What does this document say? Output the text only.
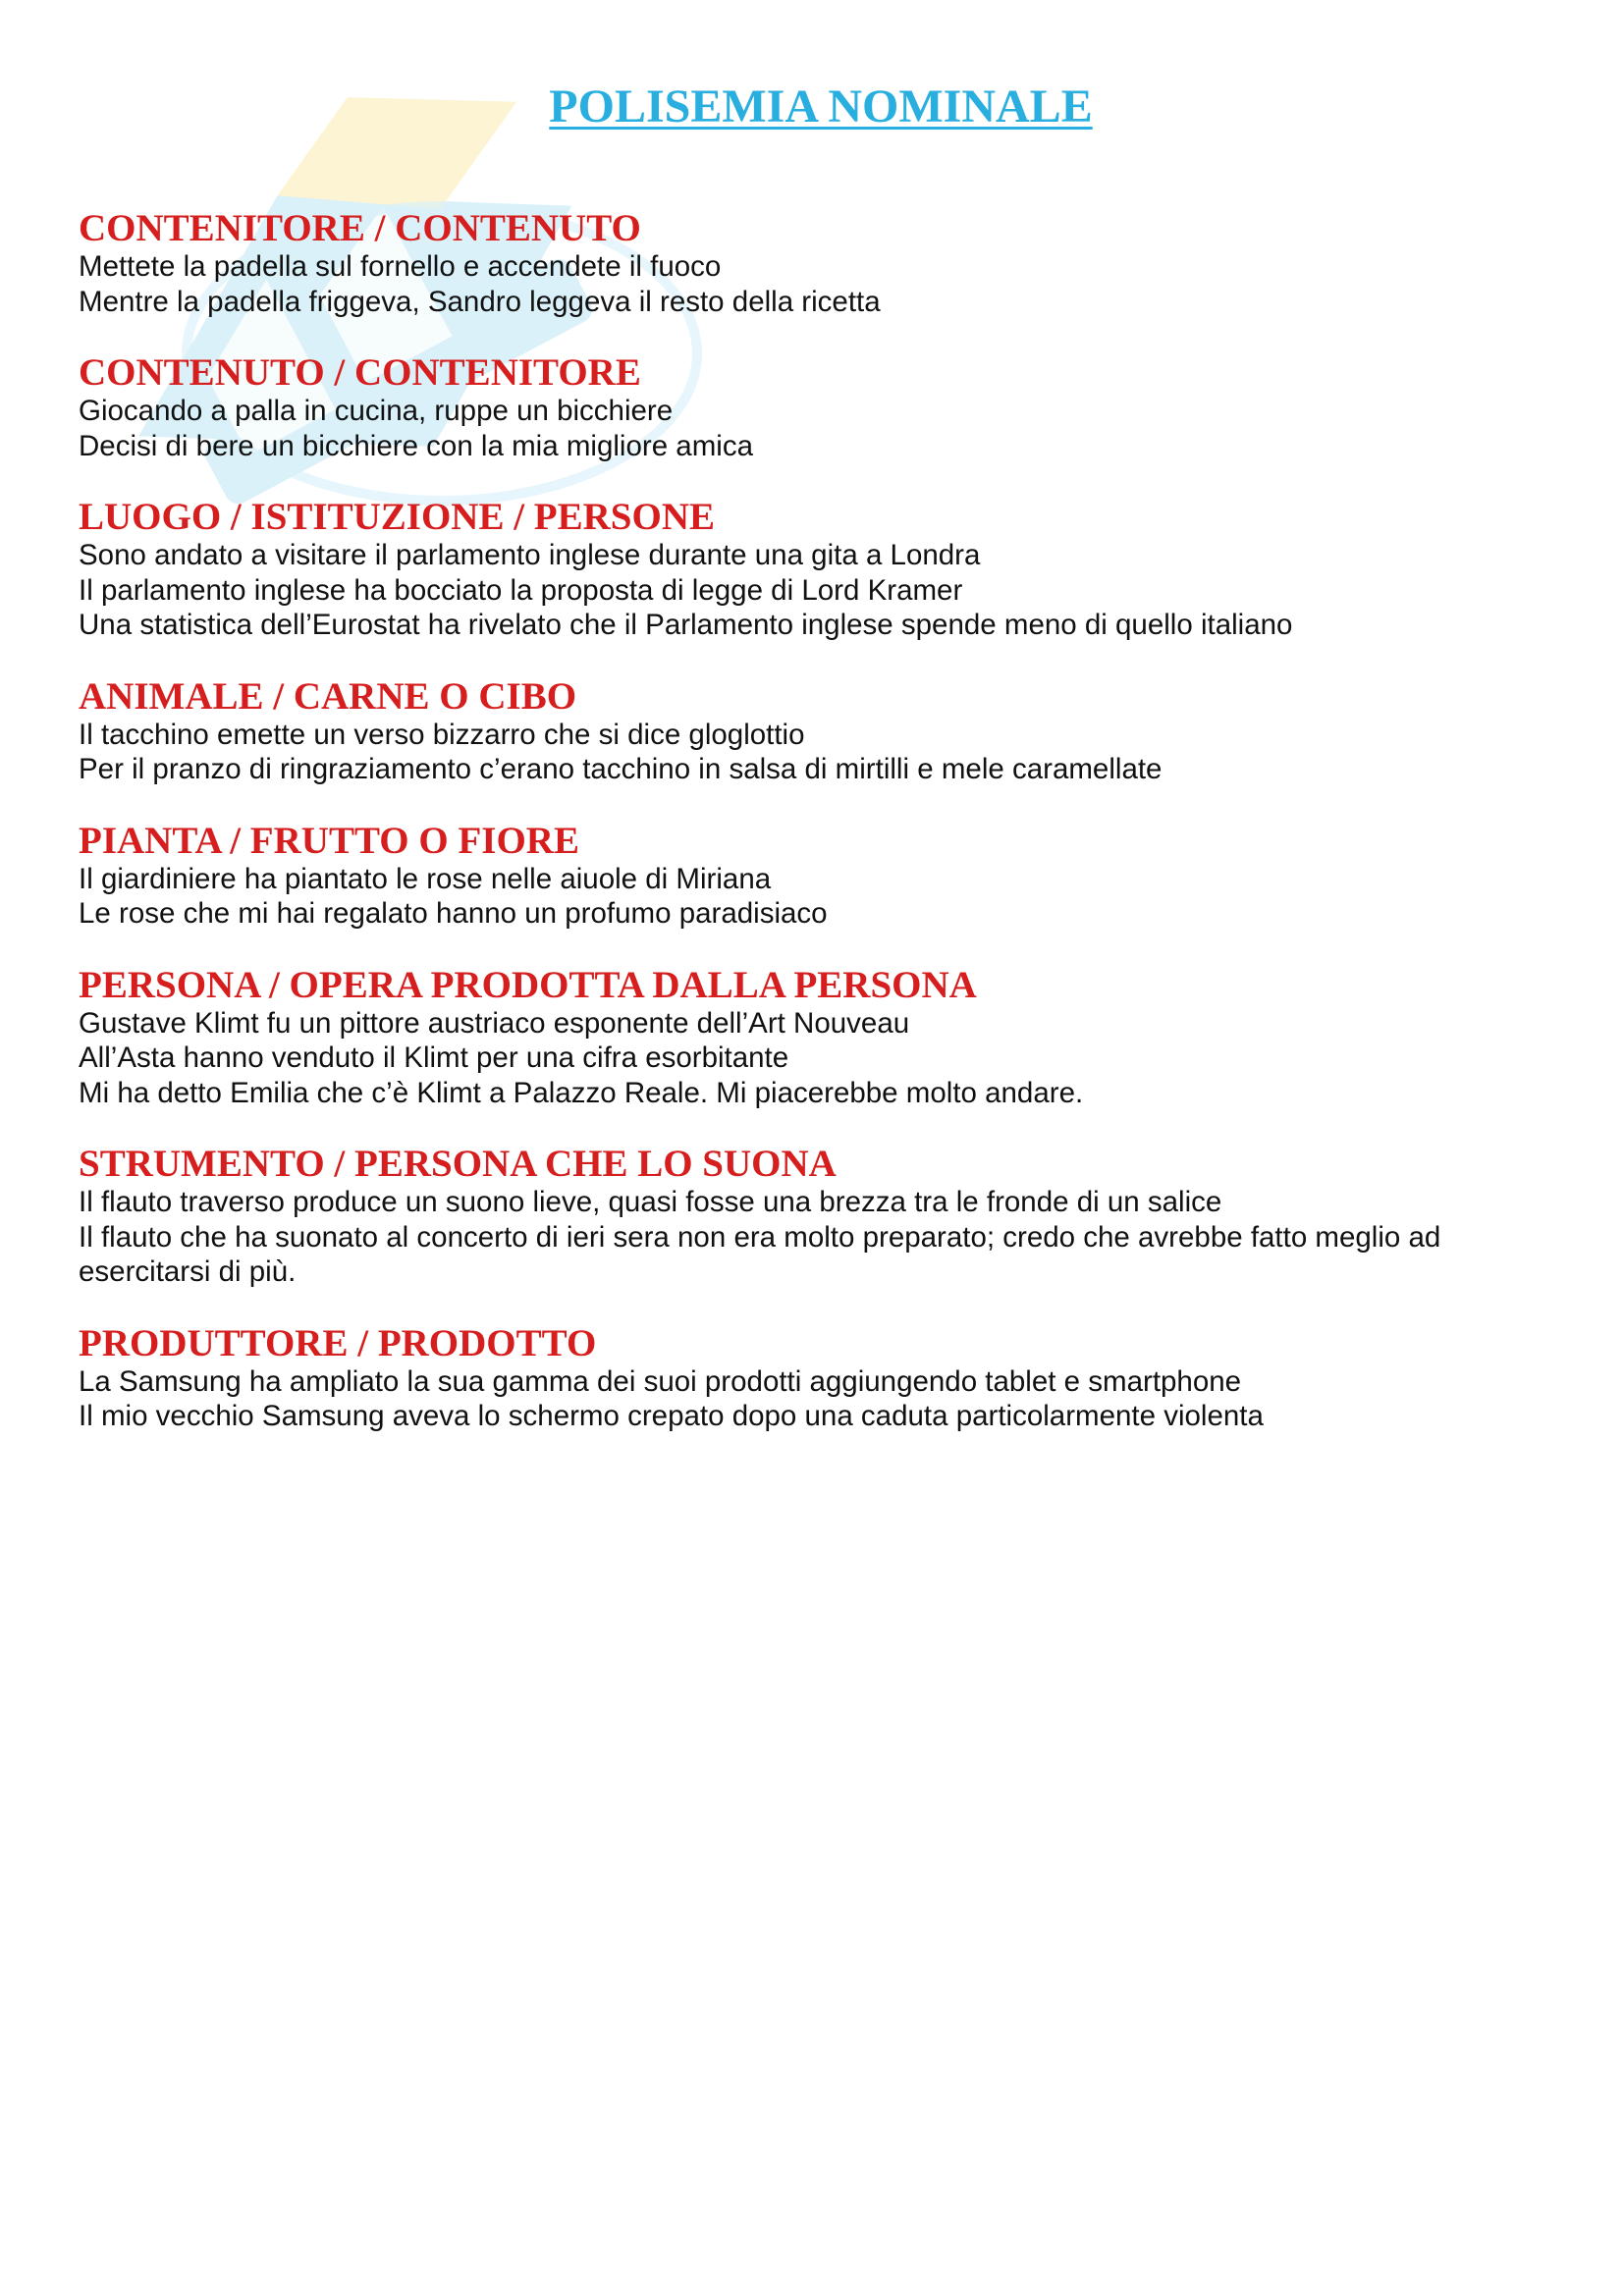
POLISEMIA NOMINALE
CONTENITORE / CONTENUTO

Mettete la padella sul fornello e accendete il fuoco

Mentre la padella friggeva, Sandro leggeva il resto della ricetta

CONTENUTO / CONTENITORE

Giocando a palla in cucina, ruppe un bicchiere

Decisi di bere un bicchiere con la mia migliore amica

LUOGO / ISTITUZIONE / PERSONE

Sono andato a visitare il parlamento inglese durante una gita a Londra

Il parlamento inglese ha bocciato la proposta di legge di Lord Kramer

Una statistica dell’Eurostat ha rivelato che il Parlamento inglese spende meno di quello italiano

ANIMALE / CARNE O CIBO

Il tacchino emette un verso bizzarro che si dice gloglottio

Per il pranzo di ringraziamento c’erano tacchino in salsa di mirtilli e mele caramellate

PIANTA / FRUTTO O FIORE

Il giardiniere ha piantato le rose nelle aiuole di Miriana

Le rose che mi hai regalato hanno un profumo paradisiaco

PERSONA / OPERA PRODOTTA DALLA PERSONA

Gustave Klimt fu un pittore austriaco esponente dell’Art Nouveau

All’Asta hanno venduto il Klimt per una cifra esorbitante

Mi ha detto Emilia che c’è Klimt a Palazzo Reale. Mi piacerebbe molto andare.

STRUMENTO / PERSONA CHE LO SUONA

Il flauto traverso produce un suono lieve, quasi fosse una brezza tra le fronde di un salice

Il flauto che ha suonato al concerto di ieri sera non era molto preparato; credo che avrebbe fatto meglio ad esercitarsi di più.

PRODUTTORE / PRODOTTO

La Samsung ha ampliato la sua gamma dei suoi prodotti aggiungendo tablet e smartphone

Il mio vecchio Samsung aveva lo schermo crepato dopo una caduta particolarmente violenta
